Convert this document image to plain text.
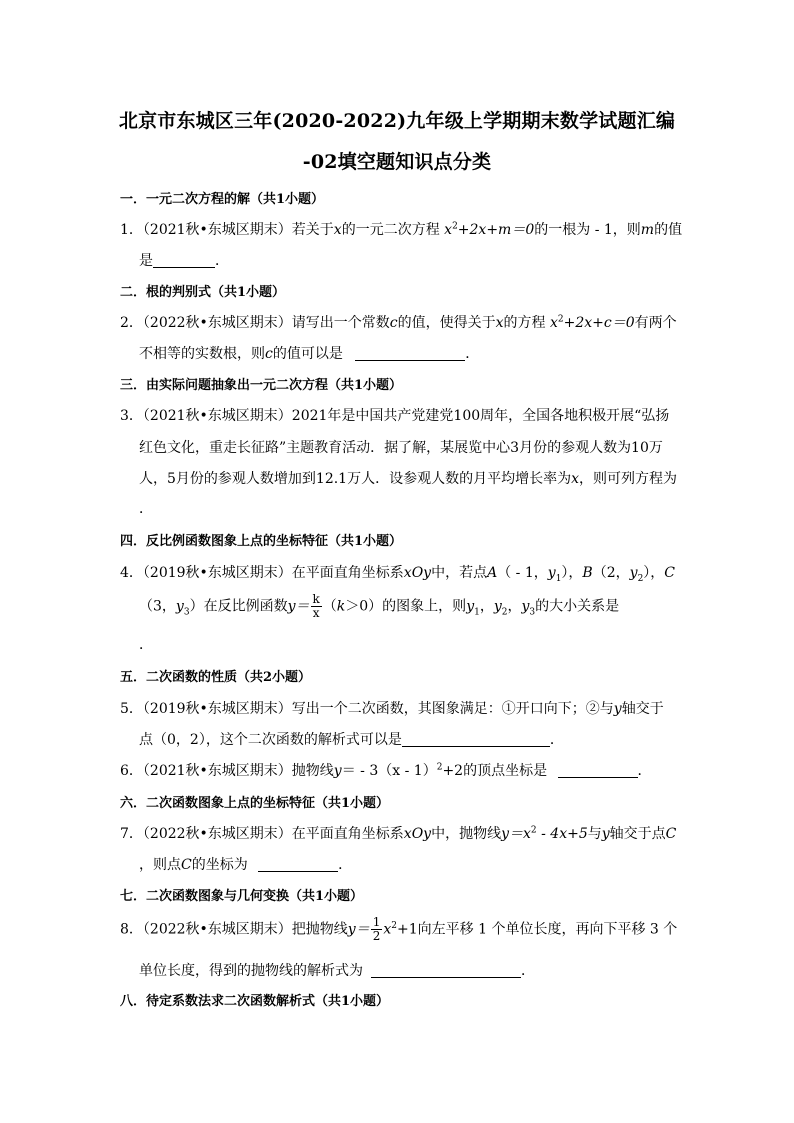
北京市东城区三年(2020-2022)九年级上学期期末数学试题汇编
-02填空题知识点分类
一．一元二次方程的解（共1小题）
1．（2021秋•东城区期末）若关于x的一元二次方程 $x^2+2x+m=0$的一根为 - 1，则m的值
是	．
二．根的判别式（共1小题）
2．（2022秋•东城区期末）请写出一个常数c的值，使得关于x的方程 $x^2+2x+c=0$有两个
不相等的实数根，则c的值可以是	．
三．由实际问题抽象出一元二次方程（共1小题）
3．（2021秋•东城区期末）2021年是中国共产党建党100周年，全国各地积极开展“弘扬
红色文化，重走长征路”主题教育活动．据了解，某展览中心3月份的参观人数为10万
人，5月份的参观人数增加到12.1万人．设参观人数的月平均增长率为x，则可列方程为
．
四．反比例函数图象上点的坐标特征（共1小题）
4．（2019秋•东城区期末）在平面直角坐标系xOy中，若点A（ - 1，$y_1$），B（2，$y_2$），C
（3，$y_3$）在反比例函数$y= \frac{k}{x} (k>0)$的图象上，则$y_1$，$y_2$，$y_3$的大小关系是
．
五．二次函数的性质（共2小题）
5．（2019秋•东城区期末）写出一个二次函数，其图象满足：①开口向下；②与y轴交于
点（0，2），这个二次函数的解析式可以是	．
6．（2021秋•东城区期末）抛物线y＝ - 3（x - 1）$^2$+2的顶点坐标是	．
六．二次函数图象上点的坐标特征（共1小题）
7．（2022秋•东城区期末）在平面直角坐标系xOy中，抛物线$y=x^2 - 4x+5$与y轴交于点C
，则点C的坐标为	．
七．二次函数图象与几何变换（共1小题）
8．（2022秋•东城区期末）把抛物线$y= \frac{1}{2} x^2+1$向左平移 1 个单位长度，再向下平移 3 个
单位长度，得到的抛物线的解析式为	．
八．待定系数法求二次函数解析式（共1小题）
